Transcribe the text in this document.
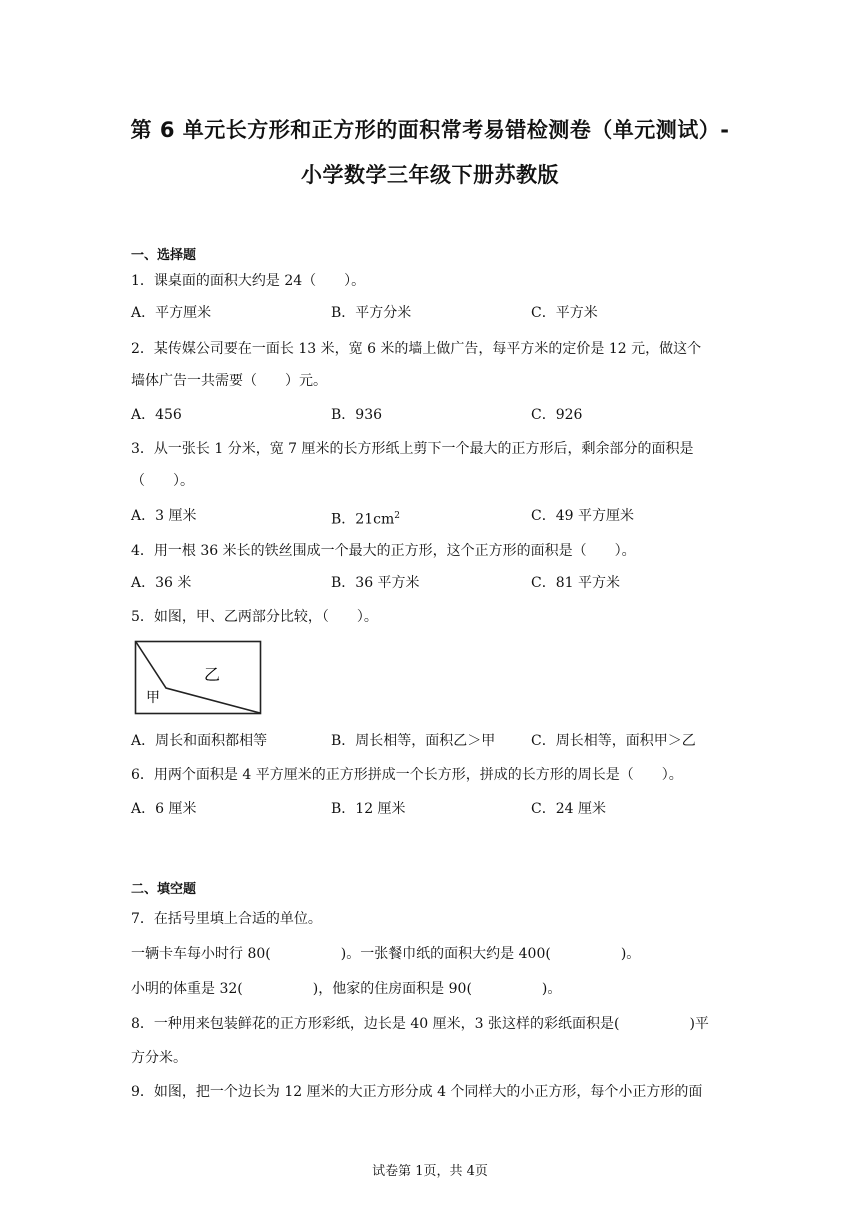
第 6 单元长方形和正方形的面积常考易错检测卷（单元测试）-
小学数学三年级下册苏教版
一、选择题
1．课桌面的面积大约是 24（　　）。
A．平方厘米	B．平方分米	C．平方米
2．某传媒公司要在一面长 13 米，宽 6 米的墙上做广告，每平方米的定价是 12 元，做这个
墙体广告一共需要（　　）元。
A．456	B．936	C．926
3．从一张长 1 分米，宽 7 厘米的长方形纸上剪下一个最大的正方形后，剩余部分的面积是
（　　）。
A．3 厘米	B．$21cm^2$	C．49 平方厘米
4．用一根 36 米长的铁丝围成一个最大的正方形，这个正方形的面积是（　　）。
A．36 米	B．36 平方米	C．81 平方米
5．如图，甲、乙两部分比较，（　　）。
乙
甲
A．周长和面积都相等	B．周长相等，面积乙＞甲	C．周长相等，面积甲＞乙
6．用两个面积是 4 平方厘米的正方形拼成一个长方形，拼成的长方形的周长是（　　）。
A．6 厘米	B．12 厘米	C．24 厘米
二、填空题
7．在括号里填上合适的单位。
一辆卡车每小时行 80(　　　　　)。一张餐巾纸的面积大约是 400(　　　　　)。
小明的体重是 32(　　　　　)，他家的住房面积是 90(　　　　　)。
8．一种用来包装鲜花的正方形彩纸，边长是 40 厘米，3 张这样的彩纸面积是(　　　　　)平
方分米。
9．如图，把一个边长为 12 厘米的大正方形分成 4 个同样大的小正方形，每个小正方形的面
试卷第 1页，共 4页
